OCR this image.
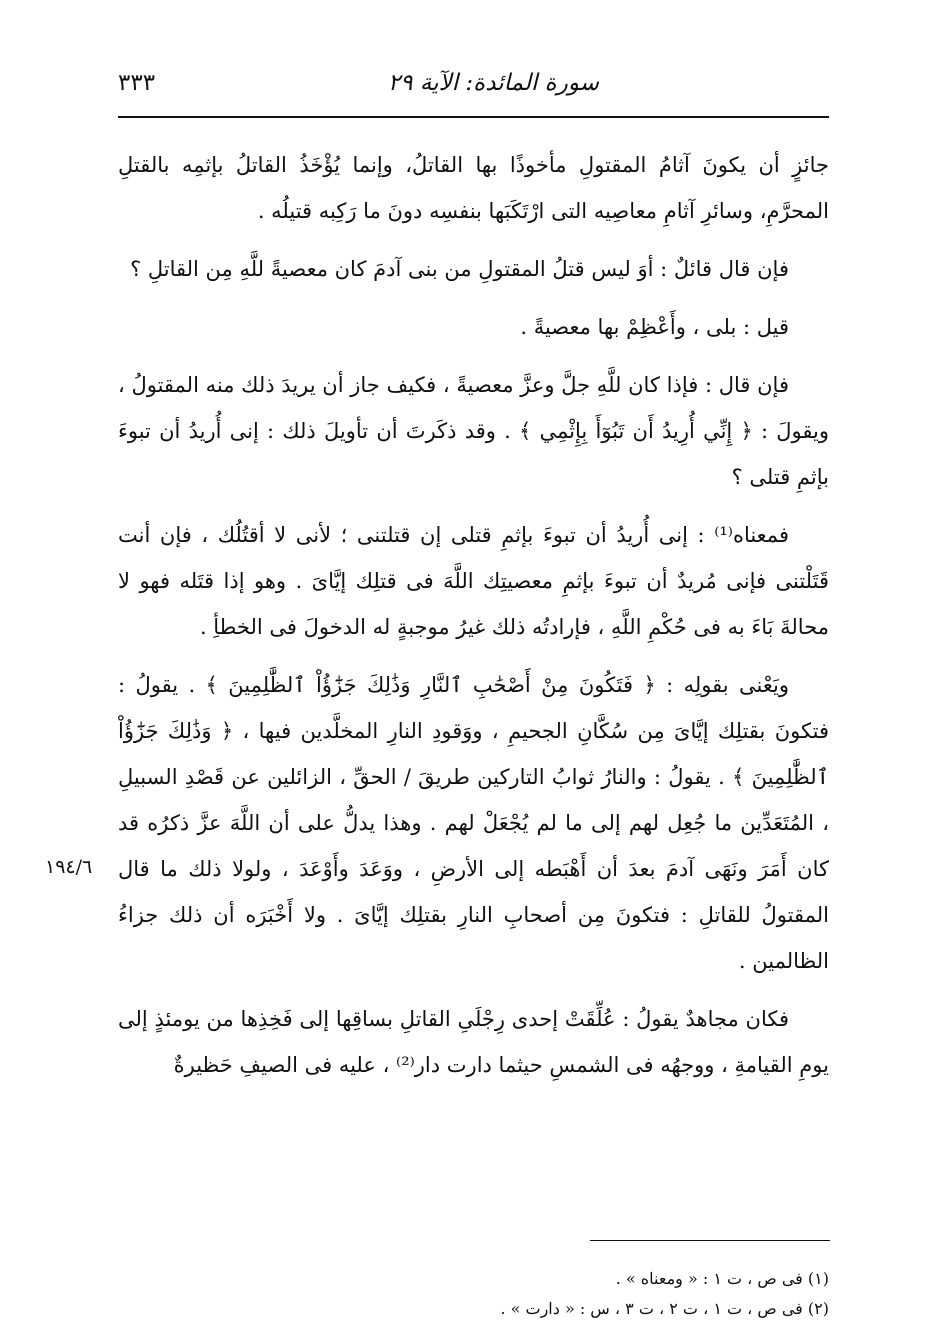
سورة المائدة: الآية ٢٩
٣٣٣
١٩٤/٦

جائزٍ أن يكونَ آثامُ المقتولِ مأخوذًا بها القاتلُ، وإنما يُؤْخَذُ القاتلُ بإثمِه بالقتلِ المحرَّمِ، وسائرِ آثامِ معاصِيه التى ارْتَكَبَها بنفسِه دونَ ما رَكِبه قتيلُه .

فإن قال قائلٌ : أوَ ليس قتلُ المقتولِ من بنى آدمَ كان معصيةً للَّهِ مِن القاتلِ ؟

قيل : بلى ، وأَعْظِمْ بها معصيةً .

فإن قال : فإذا كان للَّهِ جلَّ وعزَّ معصيةً ، فكيف جاز أن يريدَ ذلك منه المقتولُ ، ويقولَ : ﴿ إِنِّي أُرِيدُ أَن تَبُوٓأَ بِإِثْمِي ﴾ . وقد ذكَرتَ أن تأويلَ ذلك : إنى أُريدُ أن تبوءَ بإثمِ قتلى ؟

فمعناه⁽¹⁾ : إنى أُريدُ أن تبوءَ بإثمِ قتلى إن قتلتنى ؛ لأنى لا أقتُلُك ، فإن أنت قَتَلْتنى فإنى مُريدٌ أن تبوءَ بإثمِ معصيتِك اللَّهَ فى قتلِك إيَّاىَ . وهو إذا قتَله فهو لا محالةَ بَاءَ به فى حُكْمِ اللَّهِ ، فإرادتُه ذلك غيرُ موجبةٍ له الدخولَ فى الخطأِ .

ويَعْنى بقولِه : ﴿ فَتَكُونَ مِنْ أَصْحَٰبِ ٱلنَّارِ وَذَٰلِكَ جَزَٰٓؤُاْ ٱلظَّٰلِمِينَ ﴾ . يقولُ : فتكونَ بقتلِك إيَّاىَ مِن سُكَّانِ الجحيمِ ، ووَقودِ النارِ المخلَّدين فيها ، ﴿ وَذَٰلِكَ جَزَٰٓؤُاْ ٱلظَّٰلِمِينَ ﴾ . يقولُ : والنارُ ثوابُ التاركين طريقَ / الحقِّ ، الزائلين عن قَصْدِ السبيلِ ، المُتَعَدِّين ما جُعِل لهم إلى ما لم يُجْعَلْ لهم . وهذا يدلُّ على أن اللَّهَ عزَّ ذكرُه قد كان أَمَرَ ونَهَى آدمَ بعدَ أن أَهْبَطه إلى الأرضِ ، ووَعَدَ وأَوْعَدَ ، ولولا ذلك ما قال المقتولُ للقاتلِ : فتكونَ مِن أصحابِ النارِ بقتلِك إيَّاىَ . ولا أَخْبَرَه أن ذلك جزاءُ الظالمين .

فكان مجاهدٌ يقولُ : عُلِّقَتْ إحدى رِجْلَىِ القاتلِ بساقِها إلى فَخِذِها من يومئذٍ إلى يومِ القيامةِ ، ووجهُه فى الشمسِ حيثما دارت دار⁽²⁾ ، عليه فى الصيفِ حَظيرةٌ

(١) فى ص ، ت ١ : « ومعناه » .

(٢) فى ص ، ت ١ ، ت ٢ ، ت ٣ ، س : « دارت » .
